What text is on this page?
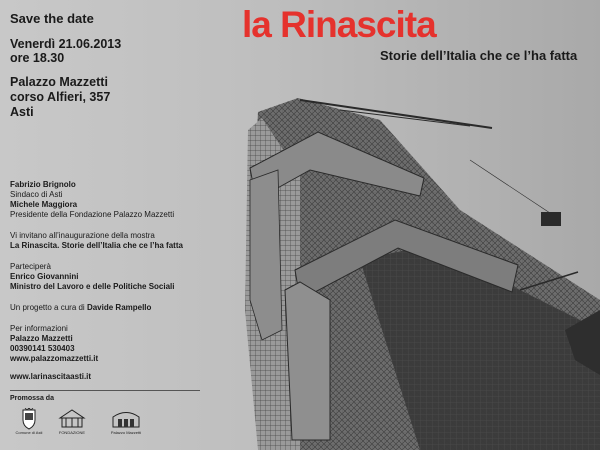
la Rinascita

Storie dell’Italia che ce l’ha fatta

Save the date

Venerdì 21.06.2013

ore 18.30

Palazzo Mazzetti

corso Alfieri, 357

Asti

Fabrizio Brignolo

Sindaco di Asti

Michele Maggiora

Presidente della Fondazione Palazzo Mazzetti

Vi invitano all’inaugurazione della mostra

La Rinascita. Storie dell’Italia che ce l’ha fatta

Parteciperà

Enrico Giovannini

Ministro del Lavoro e delle Politiche Sociali

Un progetto a cura di Davide Rampello

Per informazioni

Palazzo Mazzetti

00390141 530403

www.palazzomazzetti.it

www.larinascitaasti.it

Promossa da

Comune di Asti	FONDAZIONE	Palazzo Mazzetti
